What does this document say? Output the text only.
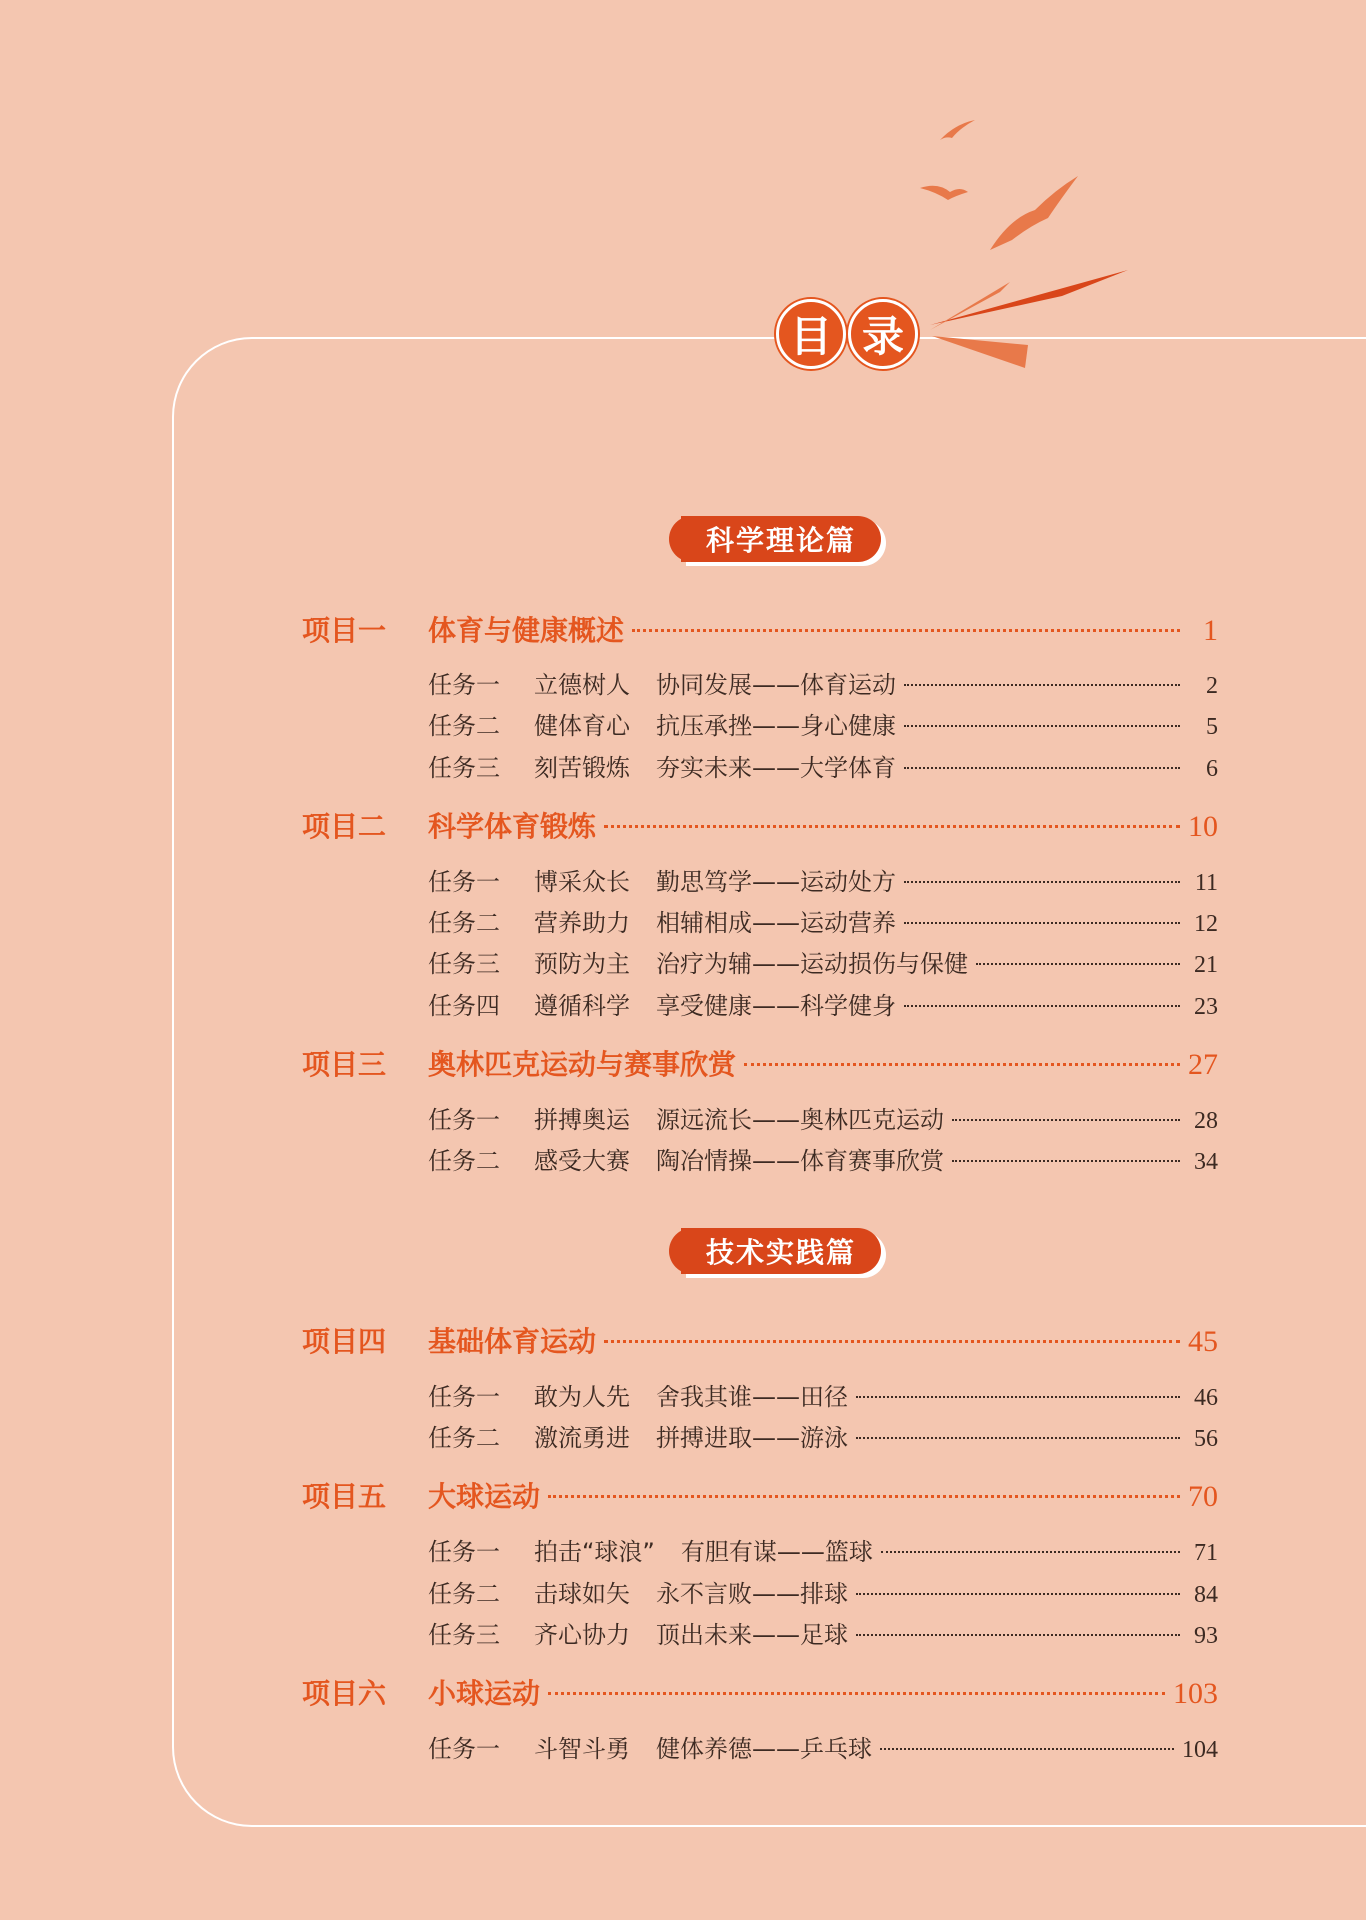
目 录
科学理论篇
项目一	体育与健康概述	1
任务一	立德树人 协同发展——体育运动	2
任务二	健体育心 抗压承挫——身心健康	5
任务三	刻苦锻炼 夯实未来——大学体育	6
项目二	科学体育锻炼	10
任务一	博采众长 勤思笃学——运动处方	11
任务二	营养助力 相辅相成——运动营养	12
任务三	预防为主 治疗为辅——运动损伤与保健	21
任务四	遵循科学 享受健康——科学健身	23
项目三	奥林匹克运动与赛事欣赏	27
任务一	拼搏奥运 源远流长——奥林匹克运动	28
任务二	感受大赛 陶冶情操——体育赛事欣赏	34
技术实践篇
项目四	基础体育运动	45
任务一	敢为人先 舍我其谁——田径	46
任务二	激流勇进 拼搏进取——游泳	56
项目五	大球运动	70
任务一	拍击“球浪” 有胆有谋——篮球	71
任务二	击球如矢 永不言败——排球	84
任务三	齐心协力 顶出未来——足球	93
项目六	小球运动	103
任务一	斗智斗勇 健体养德——乒乓球	104
